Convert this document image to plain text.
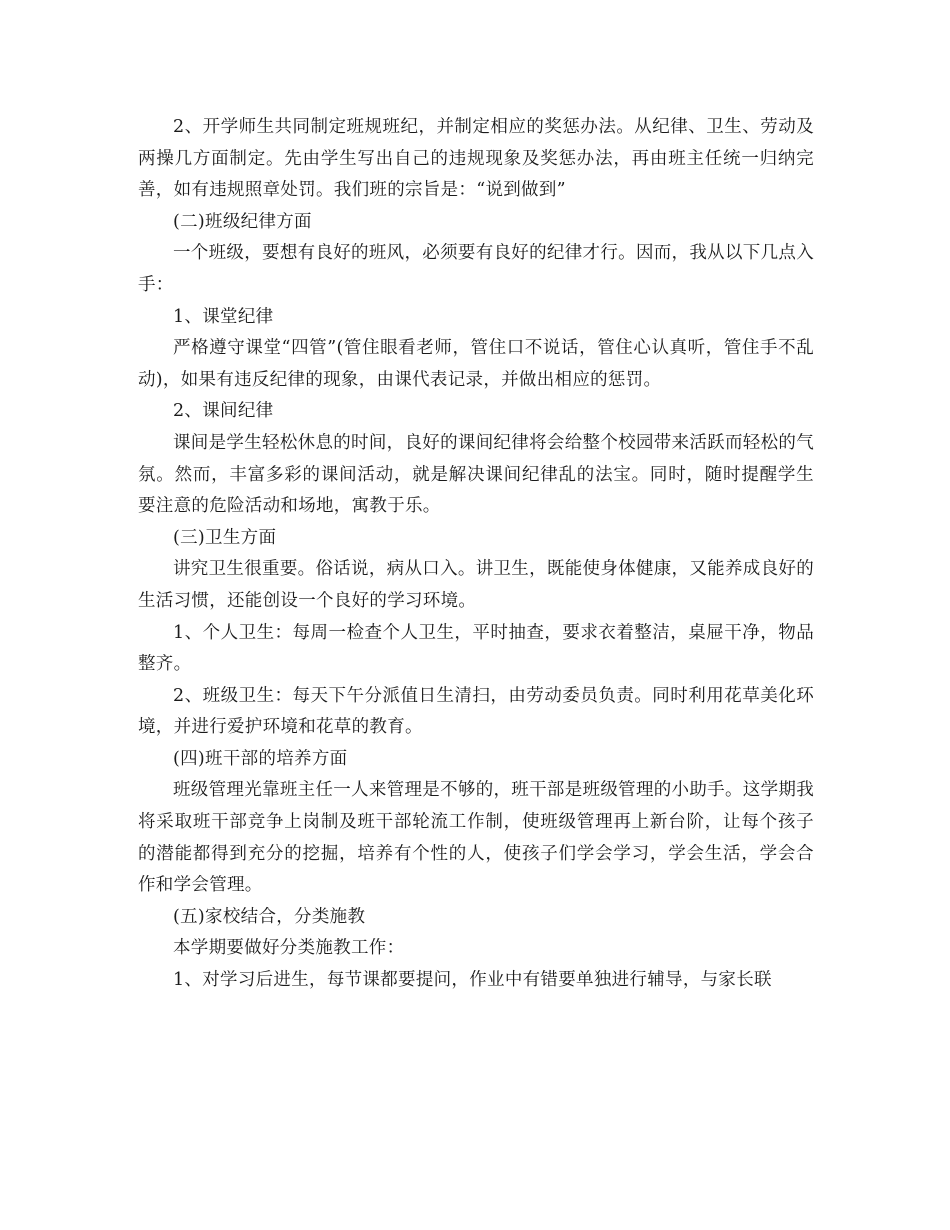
2、开学师生共同制定班规班纪，并制定相应的奖惩办法。从纪律、卫生、劳动及两操几方面制定。先由学生写出自己的违规现象及奖惩办法，再由班主任统一归纳完善，如有违规照章处罚。我们班的宗旨是：“说到做到”

(二)班级纪律方面

一个班级，要想有良好的班风，必须要有良好的纪律才行。因而，我从以下几点入手：

1、课堂纪律

严格遵守课堂“四管”(管住眼看老师，管住口不说话，管住心认真听，管住手不乱动)，如果有违反纪律的现象，由课代表记录，并做出相应的惩罚。

2、课间纪律

课间是学生轻松休息的时间，良好的课间纪律将会给整个校园带来活跃而轻松的气氛。然而，丰富多彩的课间活动，就是解决课间纪律乱的法宝。同时，随时提醒学生要注意的危险活动和场地，寓教于乐。

(三)卫生方面

讲究卫生很重要。俗话说，病从口入。讲卫生，既能使身体健康，又能养成良好的生活习惯，还能创设一个良好的学习环境。

1、个人卫生：每周一检查个人卫生，平时抽查，要求衣着整洁，桌屉干净，物品整齐。

2、班级卫生：每天下午分派值日生清扫，由劳动委员负责。同时利用花草美化环境，并进行爱护环境和花草的教育。

(四)班干部的培养方面

班级管理光靠班主任一人来管理是不够的，班干部是班级管理的小助手。这学期我将采取班干部竞争上岗制及班干部轮流工作制，使班级管理再上新台阶，让每个孩子的潜能都得到充分的挖掘，培养有个性的人，使孩子们学会学习，学会生活，学会合作和学会管理。

(五)家校结合，分类施教

本学期要做好分类施教工作：

1、对学习后进生，每节课都要提问，作业中有错要单独进行辅导，与家长联
